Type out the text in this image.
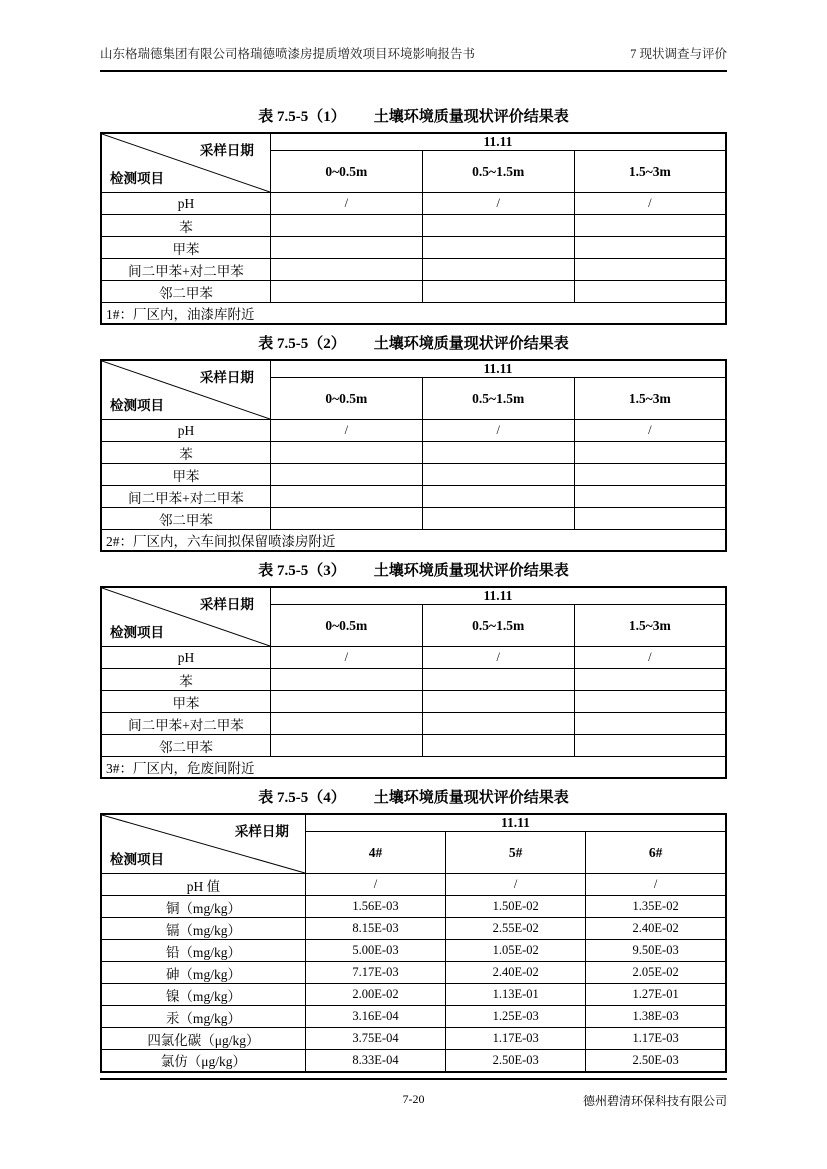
山东格瑞德集团有限公司格瑞德喷漆房提质增效项目环境影响报告书	7 现状调查与评价
表 7.5-5（1） 土壤环境质量现状评价结果表
采样日期
检测项目	11.11		
	0~0.5m	0.5~1.5m	1.5~3m
pH	/	/	/
苯			
甲苯			
间二甲苯+对二甲苯			
邻二甲苯			
1#：厂区内，油漆库附近			
表 7.5-5（2） 土壤环境质量现状评价结果表
采样日期
检测项目	11.11		
	0~0.5m	0.5~1.5m	1.5~3m
pH	/	/	/
苯			
甲苯			
间二甲苯+对二甲苯			
邻二甲苯			
2#：厂区内，六车间拟保留喷漆房附近			
表 7.5-5（3） 土壤环境质量现状评价结果表
采样日期
检测项目	11.11		
	0~0.5m	0.5~1.5m	1.5~3m
pH	/	/	/
苯			
甲苯			
间二甲苯+对二甲苯			
邻二甲苯			
3#：厂区内，危废间附近			
表 7.5-5（4） 土壤环境质量现状评价结果表
采样日期
检测项目	11.11		
	4#	5#	6#
pH 值	/	/	/
铜（mg/kg）	1.56E-03	1.50E-02	1.35E-02
镉（mg/kg）	8.15E-03	2.55E-02	2.40E-02
铅（mg/kg）	5.00E-03	1.05E-02	9.50E-03
砷（mg/kg）	7.17E-03	2.40E-02	2.05E-02
镍（mg/kg）	2.00E-02	1.13E-01	1.27E-01
汞（mg/kg）	3.16E-04	1.25E-03	1.38E-03
四氯化碳（μg/kg）	3.75E-04	1.17E-03	1.17E-03
氯仿（μg/kg）	8.33E-04	2.50E-03	2.50E-03
7-20	德州碧清环保科技有限公司
